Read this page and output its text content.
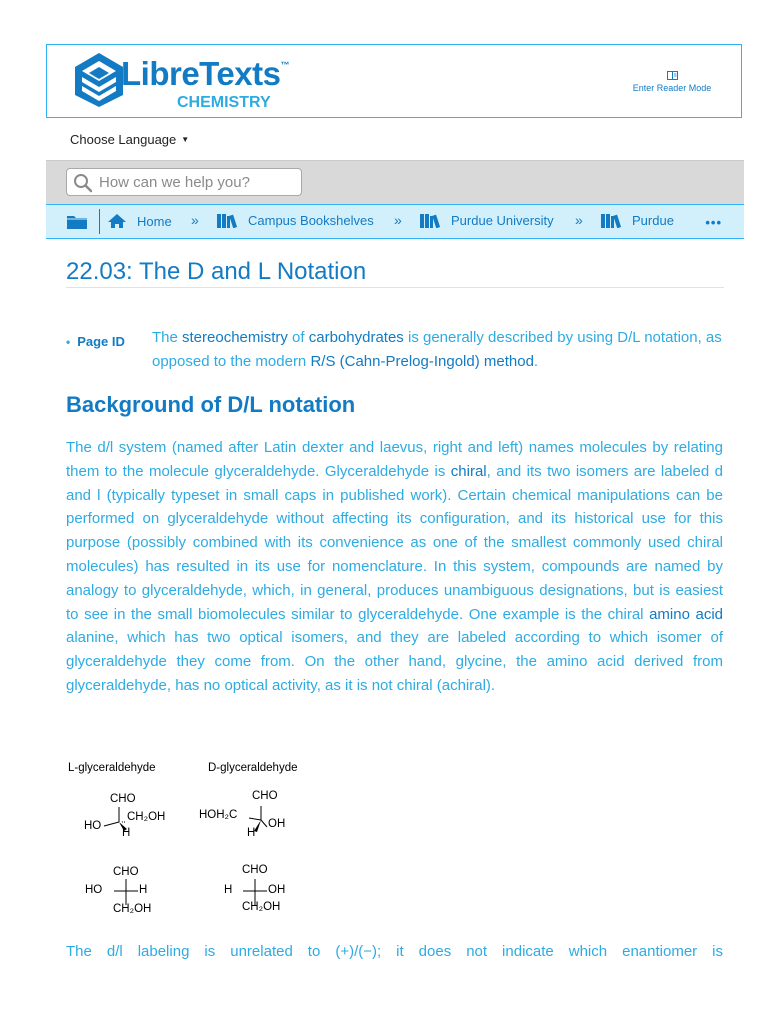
LibreTexts™
CHEMISTRY
Enter Reader Mode
Choose Language ▼
How can we help you?
Home »	Campus Bookshelves »	Purdue University »	Purdue •••
22.03: The D and L Notation
• Page ID The stereochemistry of carbohydrates is generally described by using D/L notation, as opposed to the modern R/S (Cahn-Prelog-Ingold) method.
Background of D/L notation

The d/l system (named after Latin dexter and laevus, right and left) names molecules by relating them to the molecule glyceraldehyde. Glyceraldehyde is chiral, and its two isomers are labeled d and l (typically typeset in small caps in published work). Certain chemical manipulations can be performed on glyceraldehyde without affecting its configuration, and its historical use for this purpose (possibly combined with its convenience as one of the smallest commonly used chiral molecules) has resulted in its use for nomenclature. In this system, compounds are named by analogy to glyceraldehyde, which, in general, produces unambiguous designations, but is easiest to see in the small biomolecules similar to glyceraldehyde. One example is the chiral amino acid alanine, which has two optical isomers, and they are labeled according to which isomer of glyceraldehyde they come from. On the other hand, glycine, the amino acid derived from glyceraldehyde, has no optical activity, as it is not chiral (achiral).

L-glyceraldehyde	D-glyceraldehyde
CHO
HO
CH₂OH
H
CHO
HOH₂C
OH
H
CHO
HO	H
CH₂OH
CHO
H	OH
CH₂OH

The d/l labeling is unrelated to (+)/(−); it does not indicate which enantiomer is
